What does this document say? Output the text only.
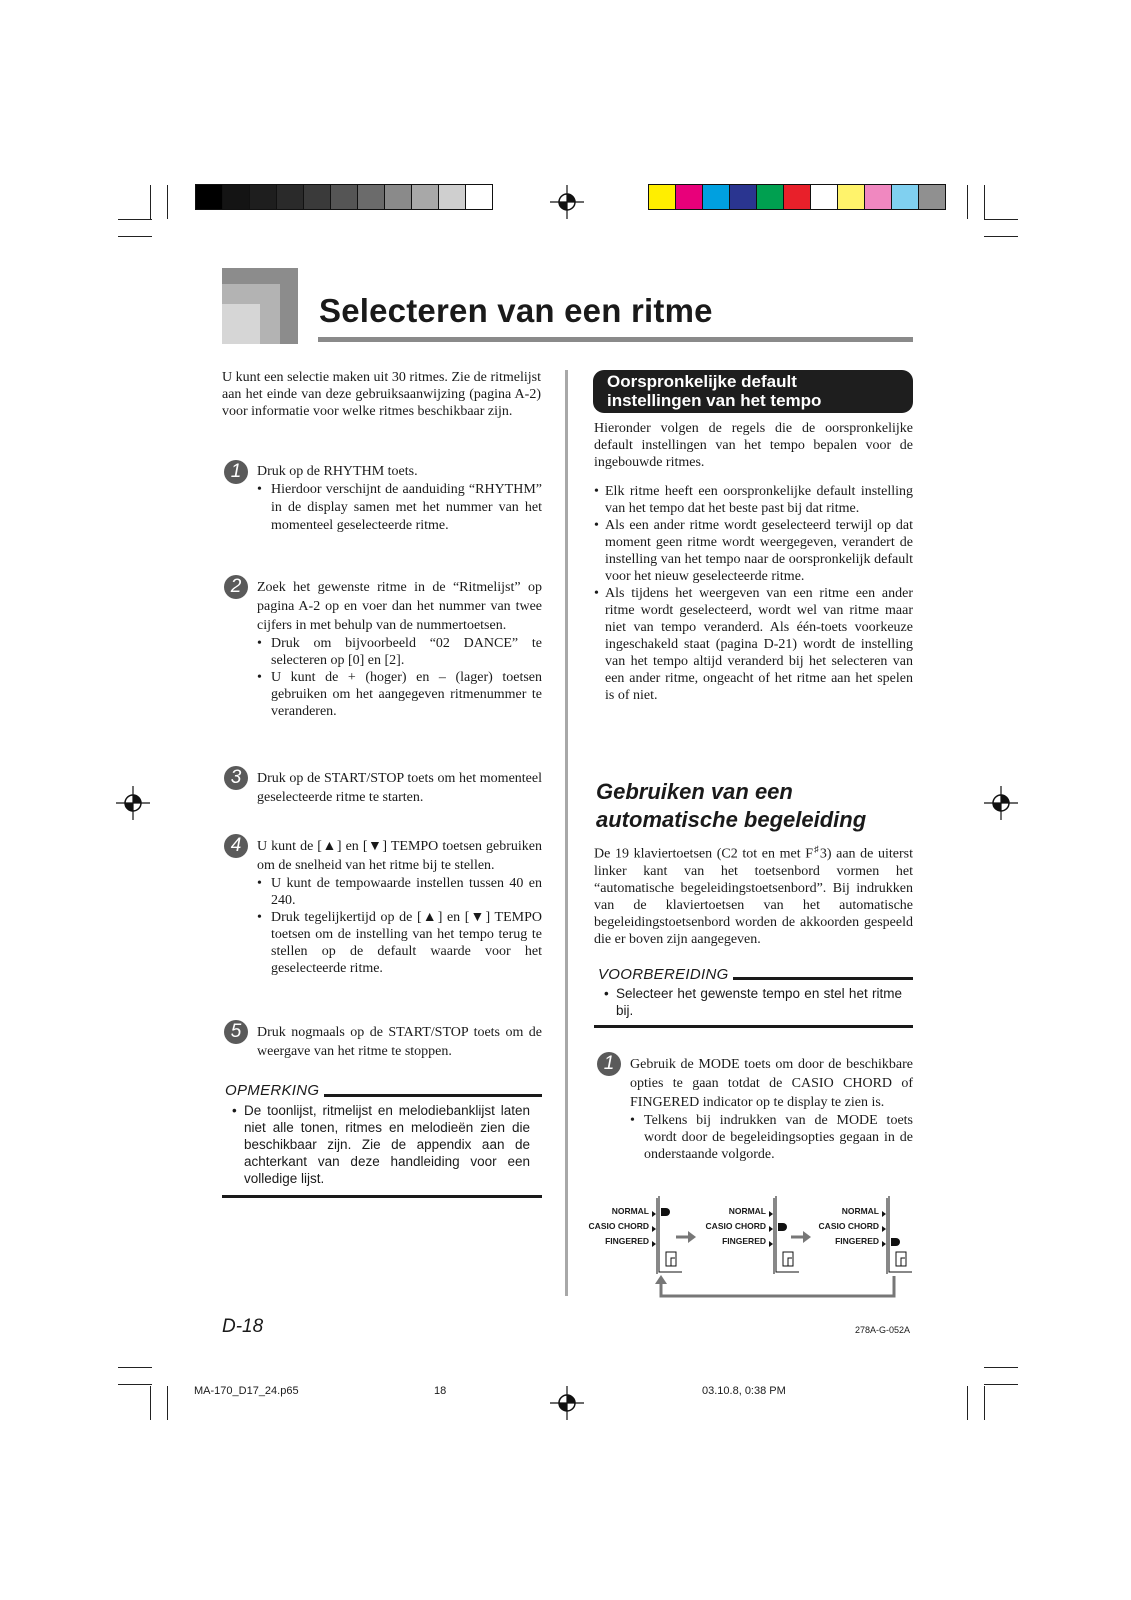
Selecteren van een ritme
U kunt een selectie maken uit 30 ritmes. Zie de ritmelijst aan het einde van deze gebruiksaanwijzing (pagina A-2) voor informatie voor welke ritmes beschikbaar zijn.
1	Druk op de RHYTHM toets.

• Hierdoor verschijnt de aanduiding “RHYTHM” in de display samen met het nummer van het momenteel geselecteerde ritme.

2	Zoek het gewenste ritme in de “Ritmelijst” op pagina A-2 op en voer dan het nummer van twee cijfers in met behulp van de nummertoetsen.

• Druk om bijvoorbeeld “02 DANCE” te selecteren op [0] en [2].

• U kunt de + (hoger) en – (lager) toetsen gebruiken om het aangegeven ritmenummer te veranderen.

3	Druk op de START/STOP toets om het momenteel geselecteerde ritme te starten.

4	U kunt de [▲] en [▼] TEMPO toetsen gebruiken om de snelheid van het ritme bij te stellen.

• U kunt de tempowaarde instellen tussen 40 en 240.

• Druk tegelijkertijd op de [▲] en [▼] TEMPO toetsen om de instelling van het tempo terug te stellen op de default waarde voor het geselecteerde ritme.

5	Druk nogmaals op de START/STOP toets om de weergave van het ritme te stoppen.

OPMERKING

• De toonlijst, ritmelijst en melodiebanklijst laten niet alle tonen, ritmes en melodieën zien die beschikbaar zijn. Zie de appendix aan de achterkant van deze handleiding voor een volledige lijst.

Oorspronkelijke default
instellingen van het tempo
Hieronder volgen de regels die de oorspronkelijke default instellingen van het tempo bepalen voor de ingebouwde ritmes.

• Elk ritme heeft een oorspronkelijke default instelling van het tempo dat het beste past bij dat ritme.

• Als een ander ritme wordt geselecteerd terwijl op dat moment geen ritme wordt weergegeven, verandert de instelling van het tempo naar de oorspronkelijk default voor het nieuw geselecteerde ritme.

• Als tijdens het weergeven van een ritme een ander ritme wordt geselecteerd, wordt wel van ritme maar niet van tempo veranderd. Als één-toets voorkeuze ingeschakeld staat (pagina D-21) wordt de instelling van het tempo altijd veranderd bij het selecteren van een ander ritme, ongeacht of het ritme aan het spelen is of niet.

Gebruiken van een
automatische begeleiding
De 19 klaviertoetsen (C2 tot en met F♯3) aan de uiterst linker kant van het toetsenbord vormen het “automatische begeleidingstoetsenbord”. Bij indrukken van de klaviertoetsen van het automatische begeleidingstoetsenbord worden de akkoorden gespeeld die er boven zijn aangegeven.
VOORBEREIDING

• Selecteer het gewenste tempo en stel het ritme bij.

1	Gebruik de MODE toets om door de beschikbare opties te gaan totdat de CASIO CHORD of FINGERED indicator op te display te zien is.

• Telkens bij indrukken van de MODE toets wordt door de begeleidingsopties gegaan in de onderstaande volgorde.

NORMAL
CASIO CHORD
FINGERED
NORMAL
CASIO CHORD
FINGERED
NORMAL
CASIO CHORD
FINGERED
D-18	278A-G-052A
MA-170_D17_24.p65	18	03.10.8, 0:38 PM
